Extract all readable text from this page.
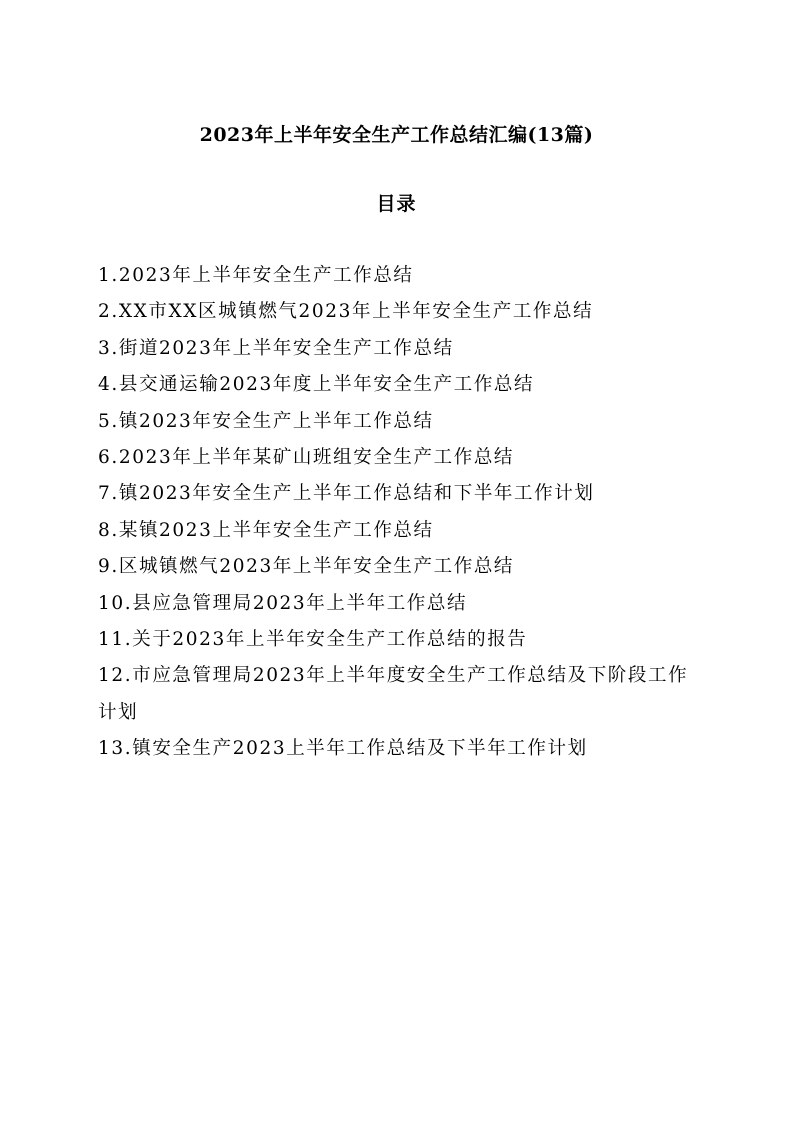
2023年上半年安全生产工作总结汇编(13篇)
目录
1.2023年上半年安全生产工作总结
2.XX市XX区城镇燃气2023年上半年安全生产工作总结
3.街道2023年上半年安全生产工作总结
4.县交通运输2023年度上半年安全生产工作总结
5.镇2023年安全生产上半年工作总结
6.2023年上半年某矿山班组安全生产工作总结
7.镇2023年安全生产上半年工作总结和下半年工作计划
8.某镇2023上半年安全生产工作总结
9.区城镇燃气2023年上半年安全生产工作总结
10.县应急管理局2023年上半年工作总结
11.关于2023年上半年安全生产工作总结的报告
12.市应急管理局2023年上半年度安全生产工作总结及下阶段工作计划
13.镇安全生产2023上半年工作总结及下半年工作计划
